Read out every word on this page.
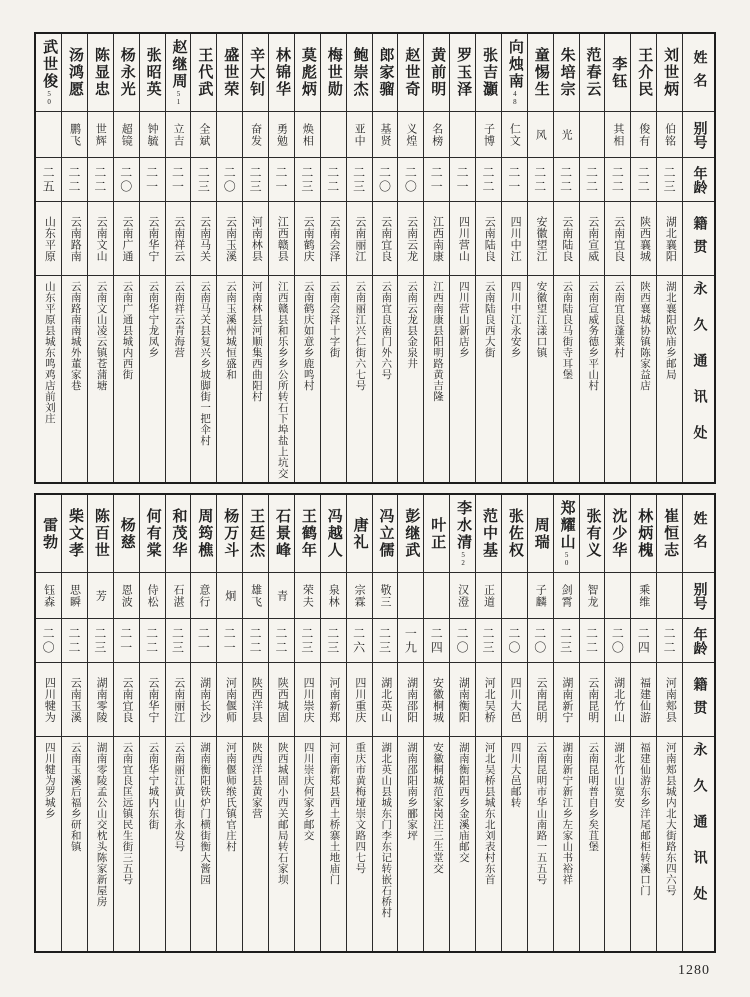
姓名
别号
年龄
籍贯
永久通讯处
刘世炳
伯铭
二三
湖北襄阳
湖北襄阳欧庙乡邮局
王介民
俊有
二二
陕西襄城
陕西襄城协镇陈家益店
李钰
其相
二二
云南宜良
云南宜良蓬莱村
范春云
二二
云南宣威
云南宣威务德乡平山村
朱培宗
光
二二
云南陆良
云南陆良马街寺耳堡
童惕生
风
二二
安徽望江
安徽望江漾口镇
向烛南48
仁文
二一
四川中江
四川中江永安乡
张吉灝
子博
二二
云南陆良
云南陆良西大街
罗玉泽
二一
四川营山
四川营山新店乡
黄前明
名榜
二一
江西南康
江西南康县阳明路黄吉隆
赵世奇
义煌
二〇
云南云龙
云南云龙县金泉井
郎家骝
基贤
二〇
云南宜良
云南宜良南门外六号
鲍崇杰
亚中
二三
云南丽江
云南丽江兴仁街六七号
梅世勋
二二
云南会泽
云南会泽十字街
莫彪炳
焕相
二三
云南鹤庆
云南鹤庆如意乡鹿鸣村
林锦华
勇勉
二一
江西赣县
江西赣县和乐乡乡公所转石下埠盐上坑交
辛大钊
奋发
二三
河南林县
河南林县河顺集西曲阳村
盛世荣
二〇
云南玉溪
云南玉溪州城恒盛和
王代武
全斌
二三
云南马关
云南马关县复兴乡坡脚街一把伞村
赵继周51
立吉
二一
云南祥云
云南祥云青海营
张昭英
钟毓
二一
云南华宁
云南华宁龙凤乡
杨永光
超镜
二〇
云南广通
云南广通县城内西街
陈显忠
世辉
二二
云南文山
云南文山凌云镇苍蒲塘
汤鸿愿
鹏飞
二二
云南路南
云南路南南城外董家巷
武世俊50
二五
山东平原
山东平原县城东鸣鸡店前刘庄
姓名
别号
年龄
籍贯
永久通讯处
崔恒志
二二
河南郏县
河南郏县城内北大街路东四六号
林炳槐
乘维
二四
福建仙游
福建仙游东乡洋尾邮柜转溪口门
沈少华
二〇
湖北竹山
湖北竹山宽安
张有义
智龙
二二
云南昆明
云南昆明普自乡矣苴堡
郑耀山50
剑霄
二三
湖南新宁
湖南新宁新江乡左家山书裕祥
周瑞
子麟
二〇
云南昆明
云南昆明市华山南路一五五号
张佐权
二〇
四川大邑
四川大邑邮转
范中基
正道
二三
河北吴桥
河北吴桥县城东北刘表村东首
李水清52
汉澄
二〇
湖南衡阳
湖南衡阳西乡金溪庙邮交
叶正
二四
安徽桐城
安徽桐城范家岗汪三生堂交
彭继武
一九
湖南邵阳
湖南邵阳南乡郦家坪
冯立儒
敬三
二三
湖北英山
湖北英山县城东门李东记转嵌石桥村
唐礼
宗霖
二六
四川重庆
重庆市黄梅垭崇文路四七号
冯越人
泉林
二三
河南新郑
河南新郑县西土桥寨土地庙门
王鹤年
荣夫
二三
四川崇庆
四川崇庆何家乡邮交
石景峰
青
二二
陕西城固
陕西城固小西关邮局转石家坝
王廷杰
雄飞
二二
陕西洋县
陕西洋县黄家营
杨万斗
炯
二一
河南偃师
河南偃师缑氏镇官庄村
周筠樵
意行
二一
湖南长沙
湖南衡阳铁炉门横街衡大酱园
和茂华
石湛
二三
云南丽江
云南丽江黄山街永发号
何有棠
侍松
二二
云南华宁
云南华宁城内东街
杨慈
恩波
二一
云南宜良
云南宜良匡远镇民生街三五号
陈百世
芳
二三
湖南零陵
湖南零陵孟公山交枕头陈家新屋房
柴文孝
思瞬
二二
云南玉溪
云南玉溪后福乡研和镇
雷勃
钰森
二〇
四川犍为
四川犍为罗城乡
1280
